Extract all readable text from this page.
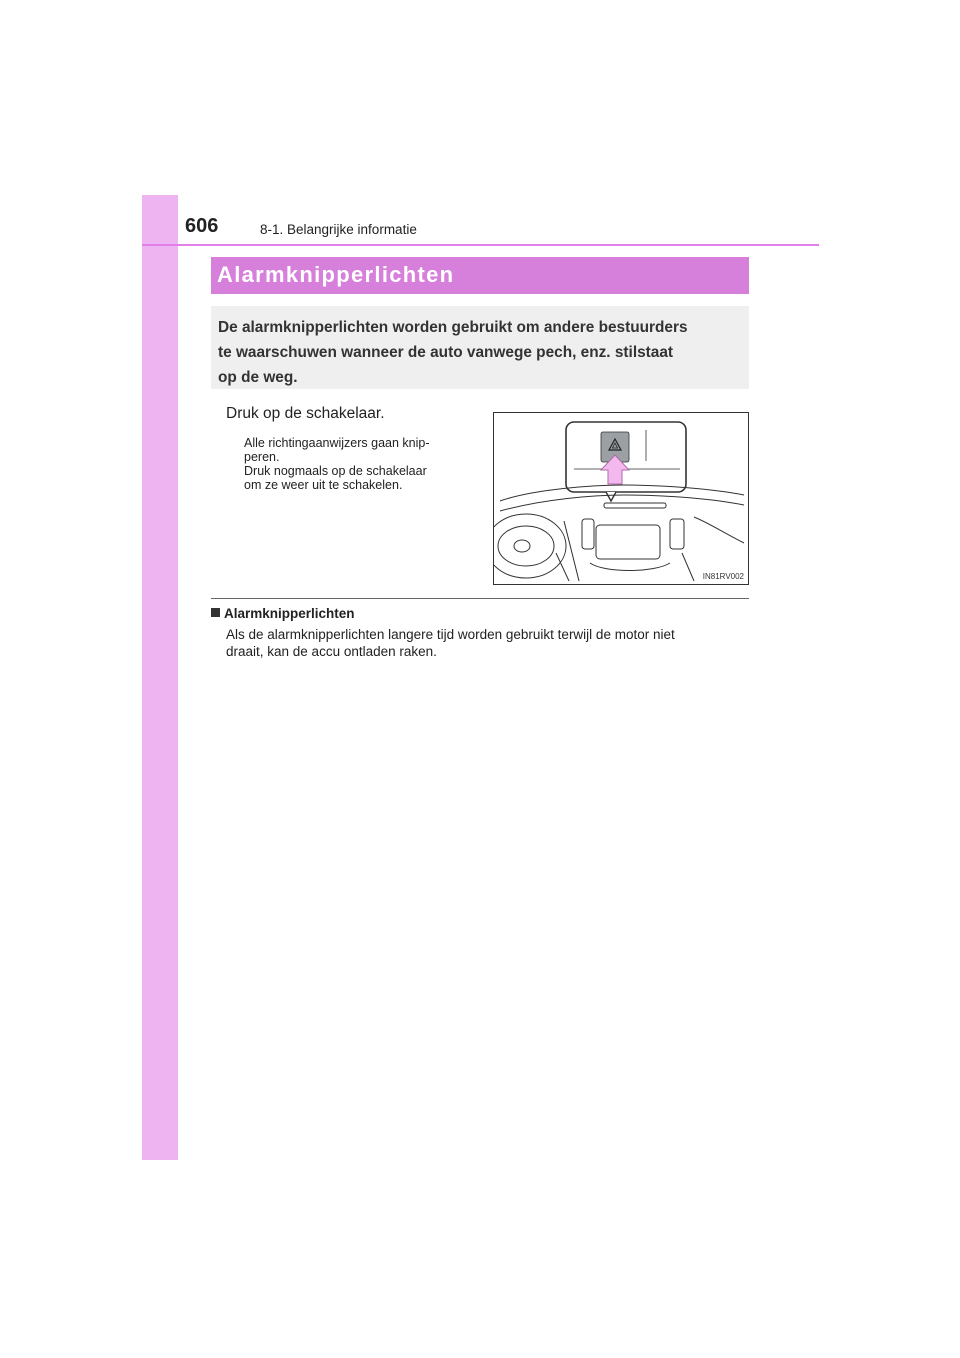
606	8-1. Belangrijke informatie
Alarmknipperlichten
De alarmknipperlichten worden gebruikt om andere bestuurders
te waarschuwen wanneer de auto vanwege pech, enz. stilstaat
op de weg.
Druk op de schakelaar.
Alle richtingaanwijzers gaan knip-
peren.
Druk nogmaals op de schakelaar
om ze weer uit te schakelen.
IN81RV002
Alarmknipperlichten
Als de alarmknipperlichten langere tijd worden gebruikt terwijl de motor niet
draait, kan de accu ontladen raken.
